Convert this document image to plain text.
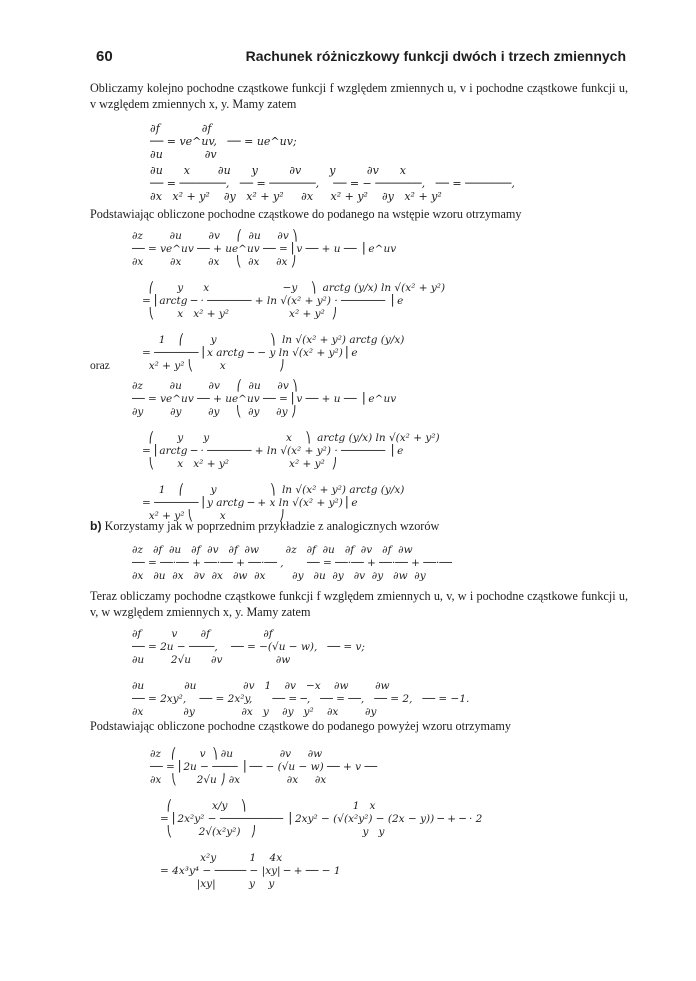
60	Rachunek różniczkowy funkcji dwóch i trzech zmiennych

Obliczamy kolejno pochodne cząstkowe funkcji f względem zmiennych u, v i pochodne cząstkowe funkcji u, v względem zmiennych x, y. Mamy zatem

∂f            ∂f
── = ve^uv,   ── = ue^uv;
∂u            ∂v
∂u      x        ∂u      y         ∂v        y         ∂v      x
── = ───────,   ── = ───────,    ── = − ───────,   ── = ───────,
∂x   x² + y²    ∂y   x² + y²     ∂x     x² + y²    ∂y   x² + y²

Podstawiając obliczone pochodne cząstkowe do podanego na wstępie wzoru otrzymamy

∂z        ∂u        ∂v     ⎛  ∂u     ∂v ⎞
── = ve^uv ── + ue^uv ── = ⎜v ── + u ── ⎟ e^uv
∂x        ∂x        ∂x     ⎝  ∂x     ∂x ⎠

⎛       y      x                      −y    ⎞  arctg (y/x) ln √(x² + y²)
= ⎜arctg ─ · ─────── + ln √(x² + y²) · ─────── ⎟ e
⎝       x   x² + y²                  x² + y²  ⎠

1    ⎛        y                ⎞  ln √(x² + y²) arctg (y/x)
= ─────── ⎜x arctg ─ − y ln √(x² + y²)⎟ e
x² + y² ⎝        x                ⎠

oraz

∂z        ∂u        ∂v     ⎛  ∂u     ∂v ⎞
── = ve^uv ── + ue^uv ── = ⎜v ── + u ── ⎟ e^uv
∂y        ∂y        ∂y     ⎝  ∂y     ∂y ⎠

⎛       y      y                       x    ⎞  arctg (y/x) ln √(x² + y²)
= ⎜arctg ─ · ─────── + ln √(x² + y²) · ─────── ⎟ e
⎝       x   x² + y²                  x² + y²  ⎠

1    ⎛        y                ⎞  ln √(x² + y²) arctg (y/x)
= ─────── ⎜y arctg ─ + x ln √(x² + y²)⎟ e
x² + y² ⎝        x                ⎠

b) Korzystamy jak w poprzednim przykładzie z analogicznych wzorów

∂z   ∂f  ∂u   ∂f  ∂v   ∂f  ∂w        ∂z   ∂f  ∂u   ∂f  ∂v   ∂f  ∂w
── = ──·── + ──·── + ──·── ,       ── = ──·── + ──·── + ──·──
∂x   ∂u  ∂x   ∂v  ∂x   ∂w  ∂x        ∂y   ∂u  ∂y   ∂v  ∂y   ∂w  ∂y

Teraz obliczamy pochodne cząstkowe funkcji f względem zmiennych u, v, w i pochodne cząstkowe funkcji u, v, w względem zmiennych x, y. Mamy zatem

∂f         v       ∂f                ∂f
── = 2u − ────,    ── = −(√u − w),   ── = v;
∂u        2√u      ∂v                ∂w

∂u            ∂u              ∂v   1    ∂v   −x    ∂w        ∂w
── = 2xy²,    ── = 2x²y,      ── = ─,   ── = ──,   ── = 2,   ── = −1.
∂x            ∂y              ∂x   y    ∂y   y²    ∂x        ∂y

Podstawiając obliczone pochodne cząstkowe do podanego powyżej wzoru otrzymamy

∂z   ⎛       v  ⎞ ∂u              ∂v     ∂w
── = ⎜2u − ──── ⎟ ── − (√u − w) ── + v ──
∂x   ⎝      2√u ⎠ ∂x              ∂x     ∂x

⎛            x/y    ⎞                                1   x
= ⎜2x²y² − ────────── ⎟ 2xy² − (√(x²y²) − (2x − y)) ─ + ─ · 2
⎝        2√(x²y²)   ⎠                                y   y

x²y          1    4x
= 4x³y⁴ − ───── − |xy| ─ + ── − 1
|xy|          y    y
